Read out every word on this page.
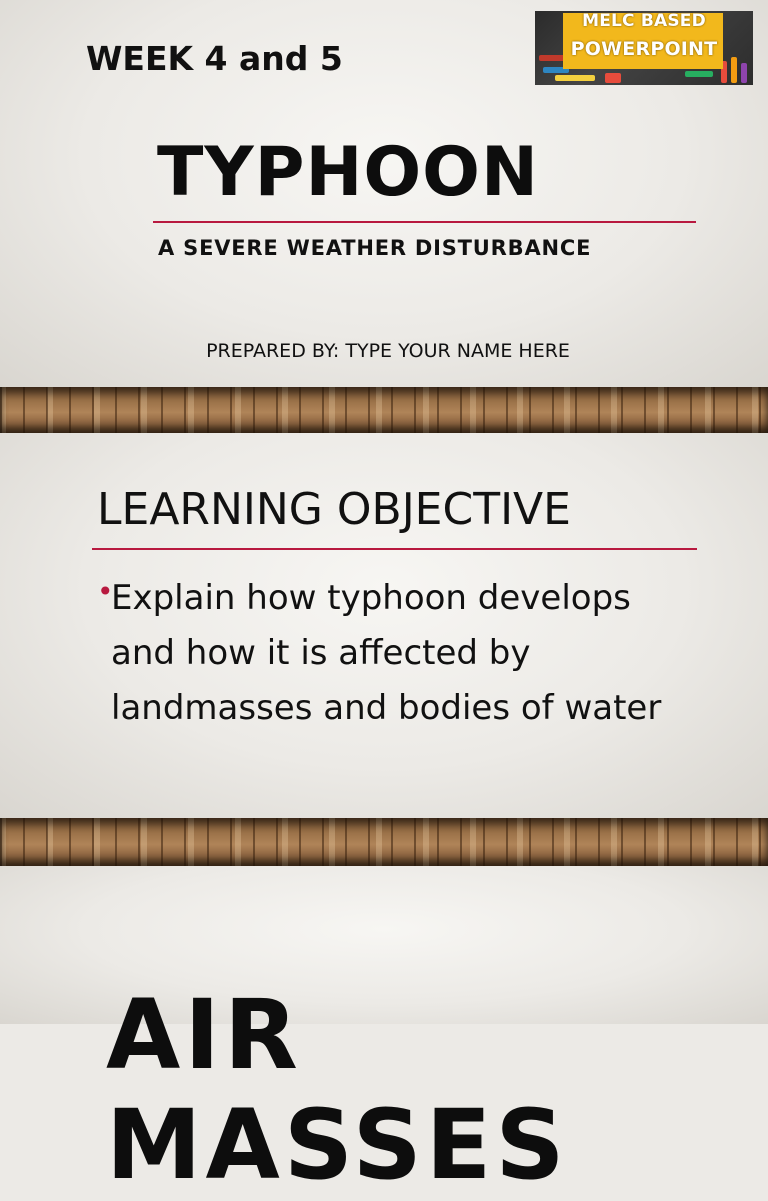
WEEK 4 and 5
MELC BASED
POWERPOINT
TYPHOON
A SEVERE WEATHER DISTURBANCE
PREPARED BY: TYPE YOUR NAME HERE
LEARNING OBJECTIVE
•
Explain how typhoon develops and how it is affected by landmasses and bodies of water
AIR MASSES
